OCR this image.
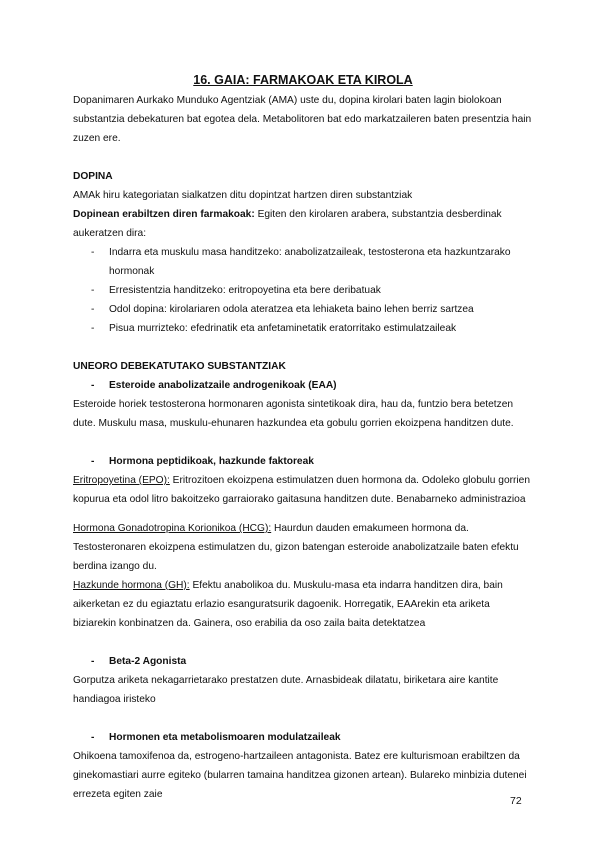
16. GAIA: FARMAKOAK ETA KIROLA

Dopanimaren Aurkako Munduko Agentziak (AMA) uste du, dopina kirolari baten lagin biolokoan substantzia debekaturen bat egotea dela. Metabolitoren bat edo markatzaileren baten presentzia hain zuzen ere.

DOPINA

AMAk hiru kategoriatan sialkatzen ditu dopintzat hartzen diren substantziak

Dopinean erabiltzen diren farmakoak: Egiten den kirolaren arabera, substantzia desberdinak aukeratzen dira:

- Indarra eta muskulu masa handitzeko: anabolizatzaileak, testosterona eta hazkuntzarako hormonak
- Erresistentzia handitzeko: eritropoyetina eta bere deribatuak
- Odol dopina: kirolariaren odola ateratzea eta lehiaketa baino lehen berriz sartzea
- Pisua murrizteko: efedrinatik eta anfetaminetatik eratorritako estimulatzaileak
UNEORO DEBEKATUTAKO SUBSTANTZIAK
- Esteroide anabolizatzaile androgenikoak (EAA)

Esteroide horiek testosterona hormonaren agonista sintetikoak dira, hau da, funtzio bera betetzen dute. Muskulu masa, muskulu-ehunaren hazkundea eta gobulu gorrien ekoizpena handitzen dute.

- Hormona peptidikoak, hazkunde faktoreak

Eritropoyetina (EPO): Eritrozitoen ekoizpena estimulatzen duen hormona da. Odoleko globulu gorrien kopurua eta odol litro bakoitzeko garraiorako gaitasuna handitzen dute. Benabarneko administrazioa

Hormona Gonadotropina Korionikoa (HCG): Haurdun dauden emakumeen hormona da. Testosteronaren ekoizpena estimulatzen du, gizon batengan esteroide anabolizatzaile baten efektu berdina izango du.

Hazkunde hormona (GH): Efektu anabolikoa du. Muskulu-masa eta indarra handitzen dira, bain aikerketan ez du egiaztatu erlazio esanguratsurik dagoenik. Horregatik, EAArekin eta ariketa biziarekin konbinatzen da. Gainera, oso erabilia da oso zaila baita detektatzea

- Beta-2 Agonista

Gorputza ariketa nekagarrietarako prestatzen dute. Arnasbideak dilatatu, biriketara aire kantite handiagoa iristeko

- Hormonen eta metabolismoaren modulatzaileak

Ohikoena tamoxifenoa da, estrogeno-hartzaileen antagonista. Batez ere kulturismoan erabiltzen da ginekomastiari aurre egiteko (bularren tamaina handitzea gizonen artean). Bulareko minbizia dutenei errezeta egiten zaie

72
